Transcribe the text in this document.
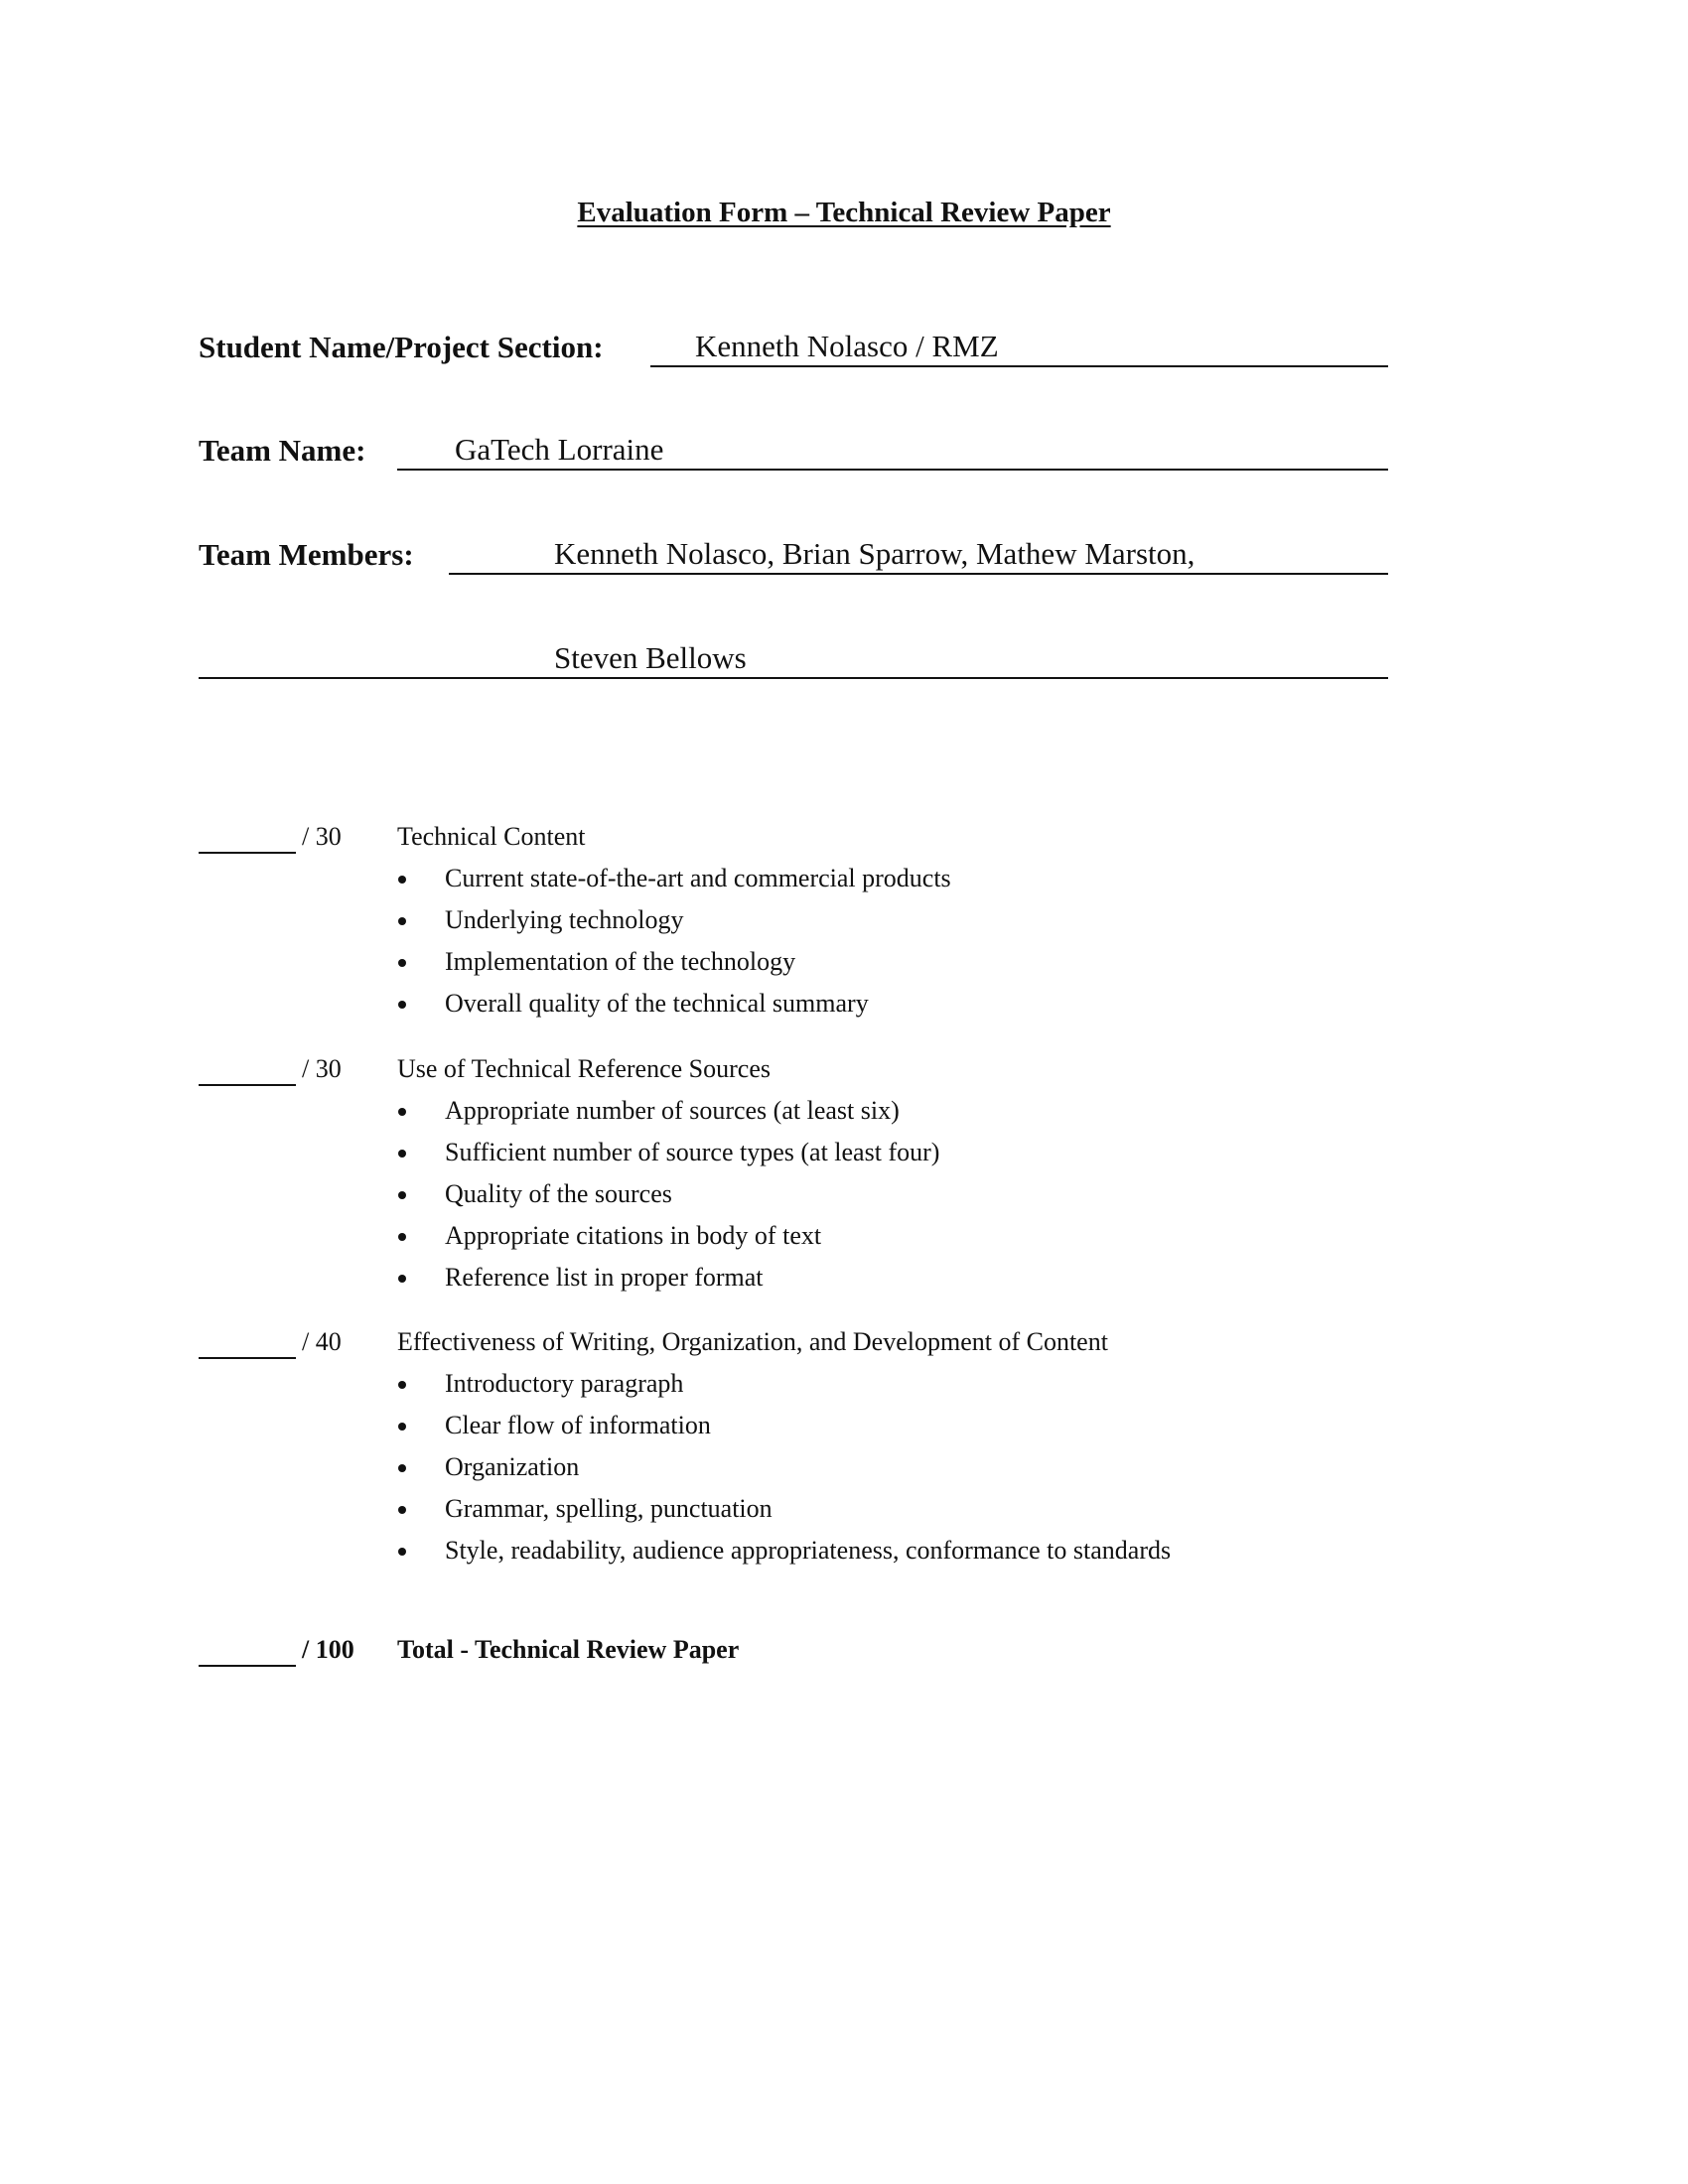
Evaluation Form – Technical Review Paper
Student Name/Project Section:	Kenneth Nolasco / RMZ
Team Name:	GaTech Lorraine
Team Members:	Kenneth Nolasco, Brian Sparrow, Mathew Marston,
Steven Bellows
/ 30 Technical Content
Current state-of-the-art and commercial products
Underlying technology
Implementation of the technology
Overall quality of the technical summary
/ 30 Use of Technical Reference Sources
Appropriate number of sources (at least six)
Sufficient number of source types (at least four)
Quality of the sources
Appropriate citations in body of text
Reference list in proper format
/ 40 Effectiveness of Writing, Organization, and Development of Content
Introductory paragraph
Clear flow of information
Organization
Grammar, spelling, punctuation
Style, readability, audience appropriateness, conformance to standards
/ 100 Total - Technical Review Paper
